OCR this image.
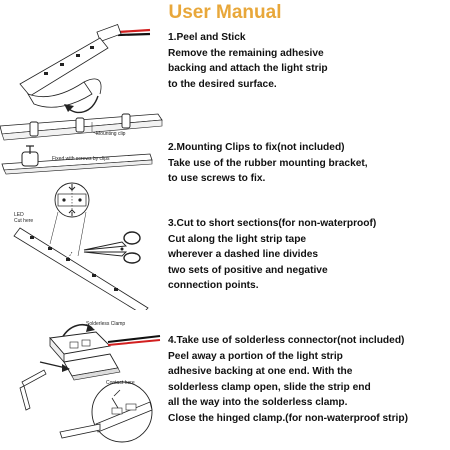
User Manual
Mounting clip
Fixed with screws by clips
LED
Cut here
Solderless Clamp
Contact here
1.Peel and Stick
Remove the remaining adhesive
backing and attach the light strip
to the desired surface.
2.Mounting Clips to fix(not included)
Take use of the rubber mounting bracket,
to use screws to fix.
3.Cut to short sections(for non-waterproof)
Cut along the light strip tape
wherever a dashed line divides
two sets of positive and negative
connection points.
4.Take use of solderless connector(not included)
Peel away a portion of the light strip
adhesive backing at one end. With the
solderless clamp open, slide the strip end
all the way into the solderless clamp.
Close the hinged clamp.(for non-waterproof strip)
